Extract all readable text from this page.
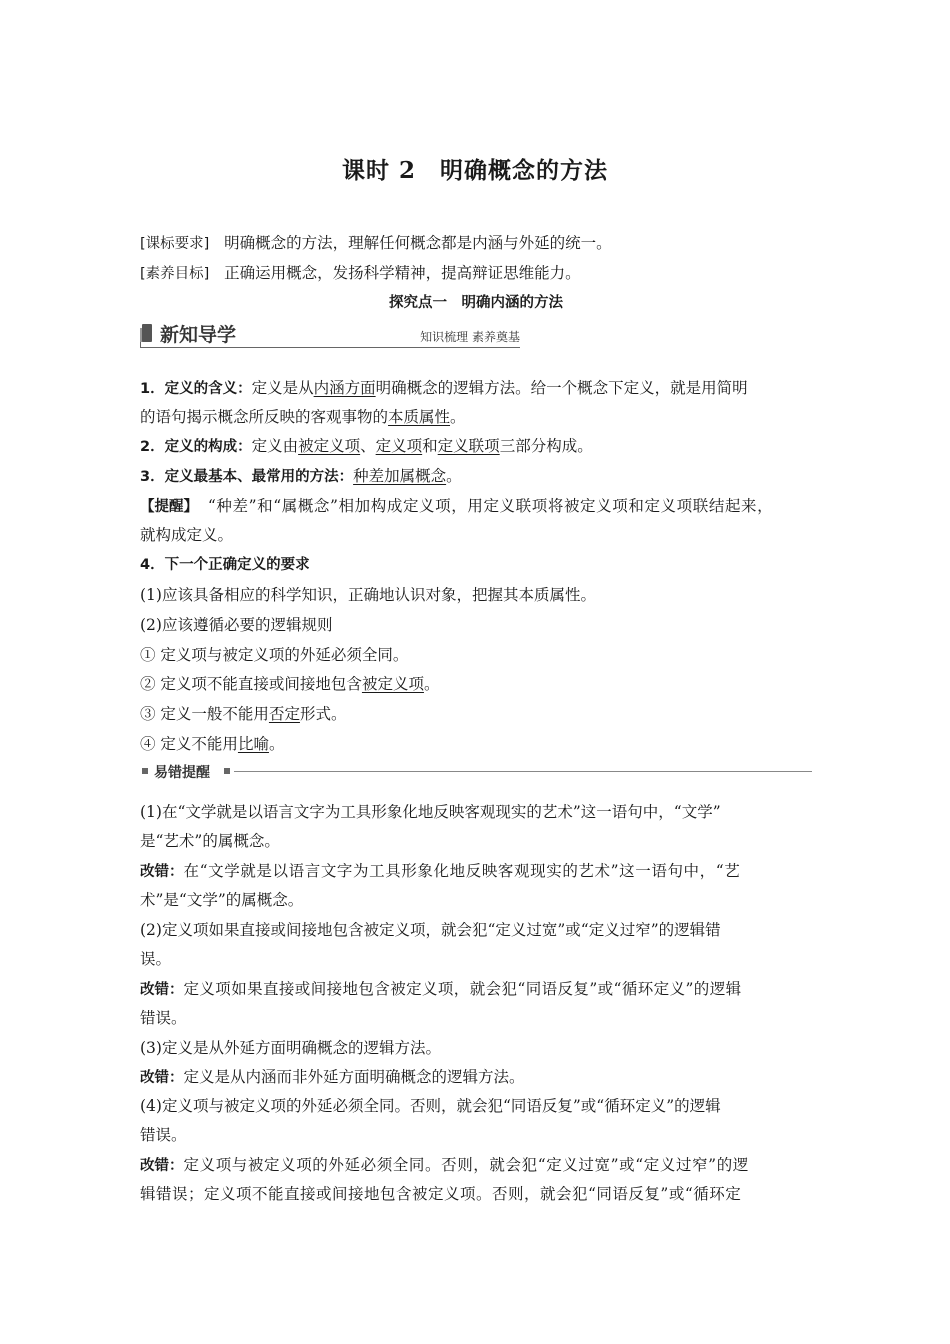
课时 2　明确概念的方法
[课标要求] 明确概念的方法，理解任何概念都是内涵与外延的统一。
[素养目标] 正确运用概念，发扬科学精神，提高辩证思维能力。
探究点一　明确内涵的方法
新知导学	知识梳理 素养奠基
1．定义的含义：定义是从内涵方面明确概念的逻辑方法。给一个概念下定义，就是用简明
的语句揭示概念所反映的客观事物的本质属性。
2．定义的构成：定义由被定义项、定义项和定义联项三部分构成。
3．定义最基本、最常用的方法：种差加属概念。
【提醒】 “种差”和“属概念”相加构成定义项，用定义联项将被定义项和定义项联结起来，
就构成定义。
4．下一个正确定义的要求
(1)应该具备相应的科学知识，正确地认识对象，把握其本质属性。
(2)应该遵循必要的逻辑规则
① 定义项与被定义项的外延必须全同。
② 定义项不能直接或间接地包含被定义项。
③ 定义一般不能用否定形式。
④ 定义不能用比喻。
易错提醒
(1)在“文学就是以语言文字为工具形象化地反映客观现实的艺术”这一语句中，“文学”
是“艺术”的属概念。
改错：在“文学就是以语言文字为工具形象化地反映客观现实的艺术”这一语句中，“艺
术”是“文学”的属概念。
(2)定义项如果直接或间接地包含被定义项，就会犯“定义过宽”或“定义过窄”的逻辑错
误。
改错：定义项如果直接或间接地包含被定义项，就会犯“同语反复”或“循环定义”的逻辑
错误。
(3)定义是从外延方面明确概念的逻辑方法。
改错：定义是从内涵而非外延方面明确概念的逻辑方法。
(4)定义项与被定义项的外延必须全同。否则，就会犯“同语反复”或“循环定义”的逻辑
错误。
改错：定义项与被定义项的外延必须全同。否则，就会犯“定义过宽”或“定义过窄”的逻
辑错误；定义项不能直接或间接地包含被定义项。否则，就会犯“同语反复”或“循环定
